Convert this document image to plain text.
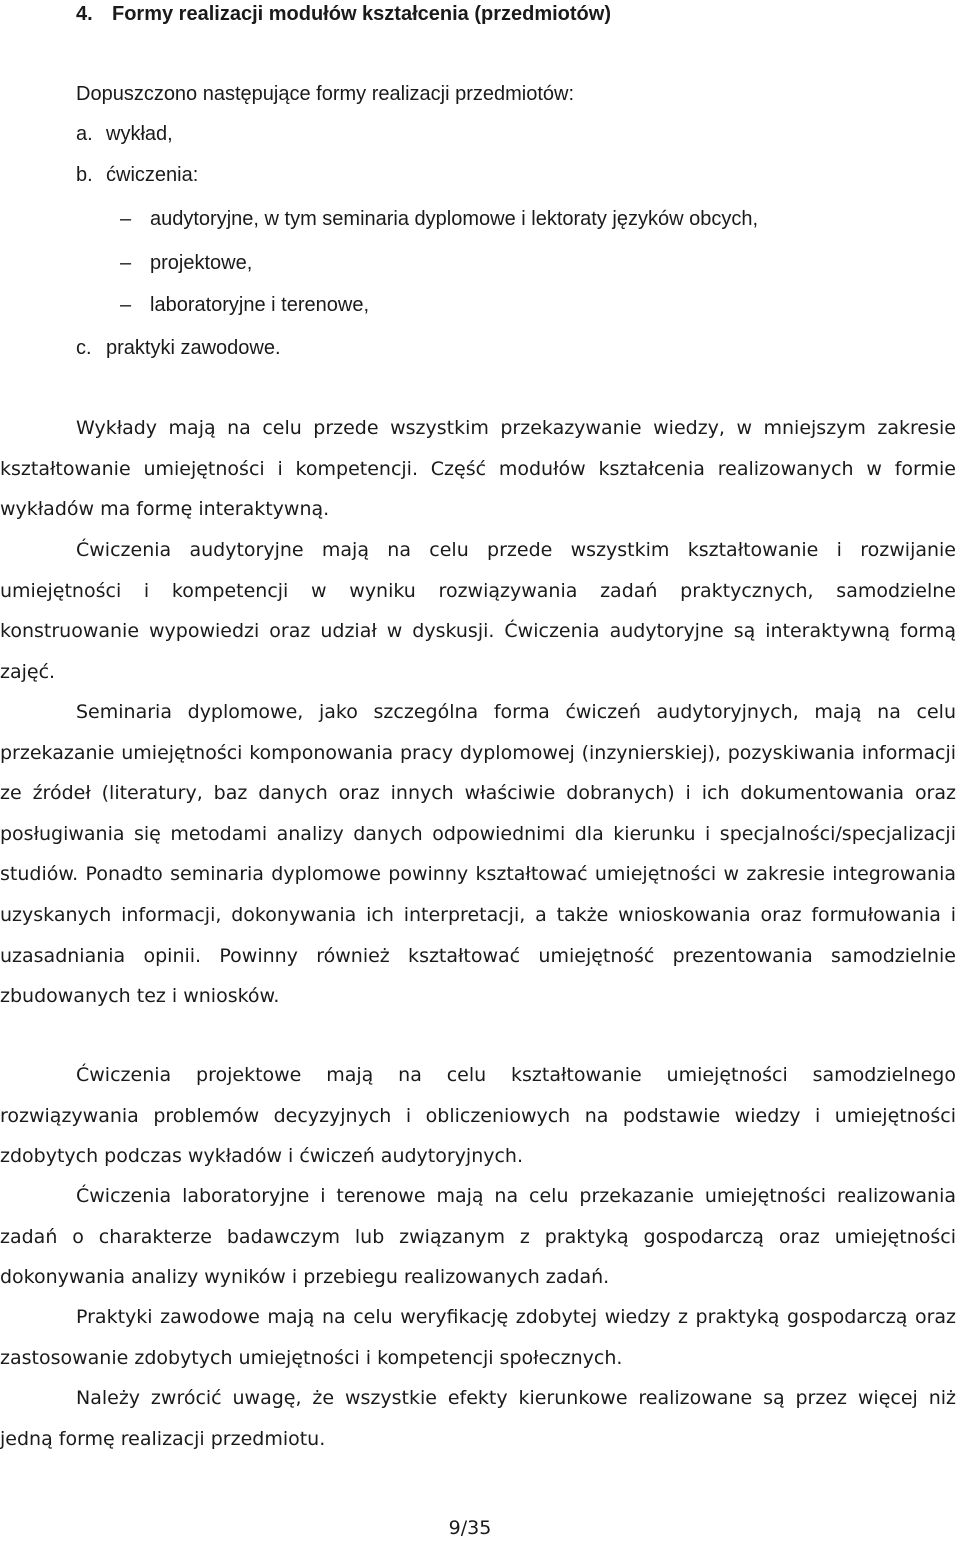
4. Formy realizacji modułów kształcenia (przedmiotów)
Dopuszczono następujące formy realizacji przedmiotów:
a. wykład,
b. ćwiczenia:
– audytoryjne, w tym seminaria dyplomowe i lektoraty języków obcych,
– projektowe,
– laboratoryjne i terenowe,
c. praktyki zawodowe.

Wykłady mają na celu przede wszystkim przekazywanie wiedzy, w mniejszym zakresie kształtowanie umiejętności i kompetencji. Część modułów kształcenia realizowanych w formie wykładów ma formę interaktywną.

Ćwiczenia audytoryjne mają na celu przede wszystkim kształtowanie i rozwijanie umiejętności i kompetencji w wyniku rozwiązywania zadań praktycznych, samodzielne konstruowanie wypowiedzi oraz udział w dyskusji. Ćwiczenia audytoryjne są interaktywną formą zajęć.

Seminaria dyplomowe, jako szczególna forma ćwiczeń audytoryjnych, mają na celu przekazanie umiejętności komponowania pracy dyplomowej (inzynierskiej), pozyskiwania informacji ze źródeł (literatury, baz danych oraz innych właściwie dobranych) i ich dokumentowania oraz posługiwania się metodami analizy danych odpowiednimi dla kierunku i specjalności/specjalizacji studiów. Ponadto seminaria dyplomowe powinny kształtować umiejętności w zakresie integrowania uzyskanych informacji, dokonywania ich interpretacji, a także wnioskowania oraz formułowania i uzasadniania opinii. Powinny również kształtować umiejętność prezentowania samodzielnie zbudowanych tez i wniosków.

Ćwiczenia projektowe mają na celu kształtowanie umiejętności samodzielnego rozwiązywania problemów decyzyjnych i obliczeniowych na podstawie wiedzy i umiejętności zdobytych podczas wykładów i ćwiczeń audytoryjnych.

Ćwiczenia laboratoryjne i terenowe mają na celu przekazanie umiejętności realizowania zadań o charakterze badawczym lub związanym z praktyką gospodarczą oraz umiejętności dokonywania analizy wyników i przebiegu realizowanych zadań.

Praktyki zawodowe mają na celu weryfikację zdobytej wiedzy z praktyką gospodarczą oraz zastosowanie zdobytych umiejętności i kompetencji społecznych.

Należy zwrócić uwagę, że wszystkie efekty kierunkowe realizowane są przez więcej niż jedną formę realizacji przedmiotu.

9/35
